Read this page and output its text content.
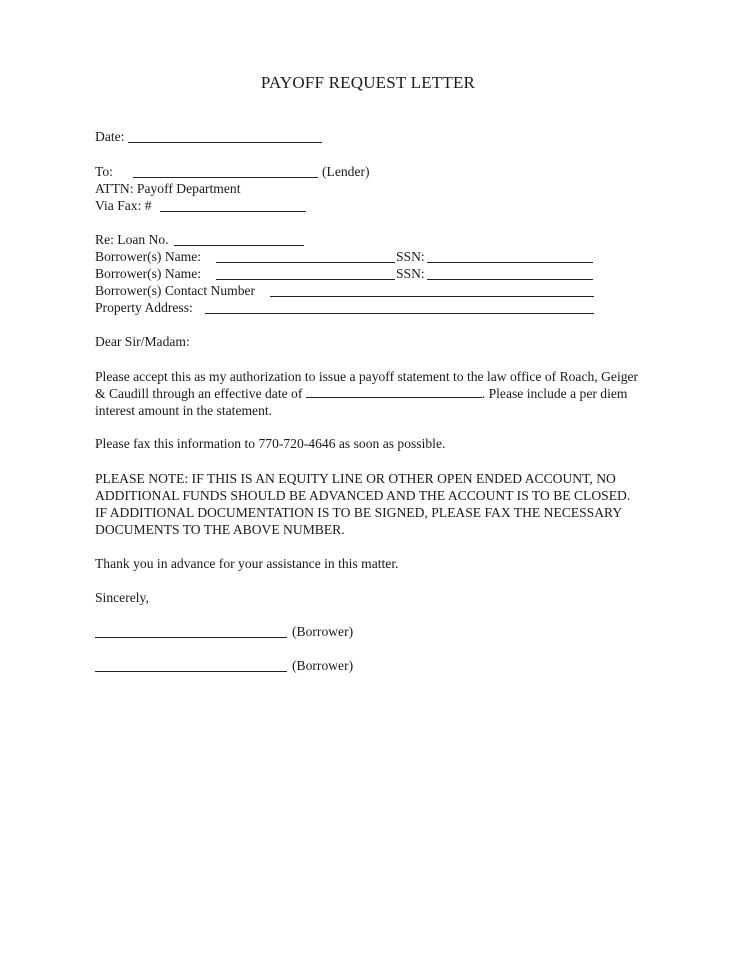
PAYOFF REQUEST LETTER
Date:
To:	(Lender)
ATTN: Payoff Department
Via Fax: #
Re: Loan No.
Borrower(s) Name:	SSN:
Borrower(s) Name:	SSN:
Borrower(s) Contact Number
Property Address:
Dear Sir/Madam:
Please accept this as my authorization to issue a payoff statement to the law office of Roach, Geiger
& Caudill through an effective date of	. Please include a per diem
interest amount in the statement.
Please fax this information to 770-720-4646 as soon as possible.
PLEASE NOTE: IF THIS IS AN EQUITY LINE OR OTHER OPEN ENDED ACCOUNT, NO
ADDITIONAL FUNDS SHOULD BE ADVANCED AND THE ACCOUNT IS TO BE CLOSED.
IF ADDITIONAL DOCUMENTATION IS TO BE SIGNED, PLEASE FAX THE NECESSARY
DOCUMENTS TO THE ABOVE NUMBER.
Thank you in advance for your assistance in this matter.
Sincerely,
(Borrower)
(Borrower)
